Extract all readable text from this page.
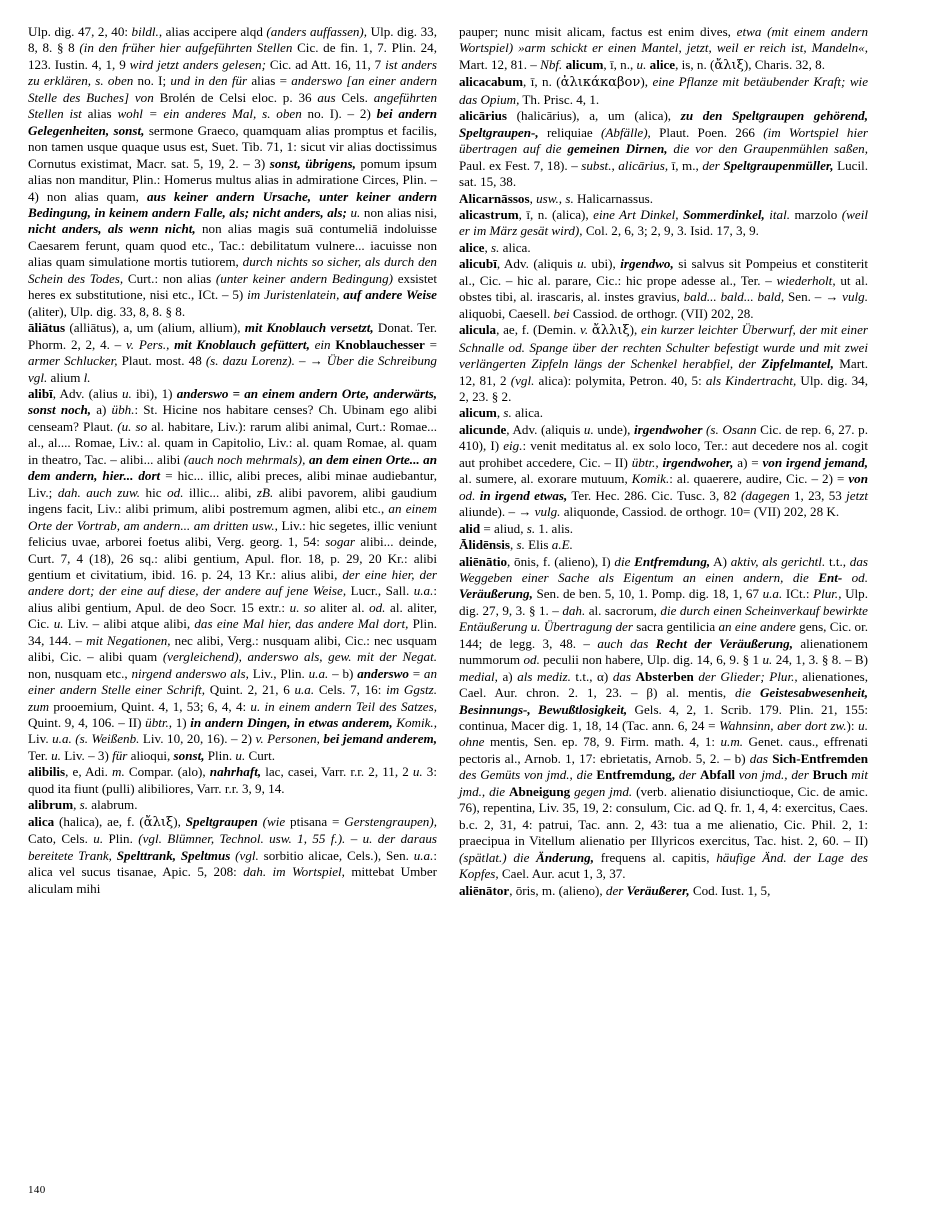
Ulp. dig. 47, 2, 40: bildl., alias accipere alqd (anders auffassen), Ulp. dig. 33, 8, 8. § 8 (in den früher hier aufgeführten Stellen Cic. de fin. 1, 7. Plin. 24, 123. Iustin. 4, 1, 9 wird jetzt anders gelesen; Cic. ad Att. 16, 11, 7 ist anders zu erklären, s. oben no. I; und in den für alias = anderswo [an einer andern Stelle des Buches] von Brolén de Celsi eloc. p. 36 aus Cels. angeführten Stellen ist alias wohl = ein anderes Mal, s. oben no. I). – 2) bei andern Gelegenheiten, sonst, sermone Graeco, quamquam alias promptus et facilis, non tamen usque quaque usus est, Suet. Tib. 71, 1: sicut vir alias doctissimus Cornutus existimat, Macr. sat. 5, 19, 2. – 3) sonst, übrigens, pomum ipsum alias non manditur, Plin.: Homerus multus alias in admiratione Circes, Plin. – 4) non alias quam, aus keiner andern Ursache, unter keiner andern Bedingung, in keinem andern Falle, als; nicht anders, als; u. non alias nisi, nicht anders, als wenn nicht, non alias magis suā contumeliā indoluisse Caesarem ferunt, quam quod etc., Tac.: debilitatum vulnere... iacuisse non alias quam simulatione mortis tutiorem, durch nichts so sicher, als durch den Schein des Todes, Curt.: non alias (unter keiner andern Bedingung) exsistet heres ex substitutione, nisi etc., ICt. – 5) im Juristenlatein, auf andere Weise (aliter), Ulp. dig. 33, 8, 8. § 8.

āliātus (alliātus), a, um (alium, allium), mit Knoblauch versetzt, Donat. Ter. Phorm. 2, 2, 4. – v. Pers., mit Knoblauch gefüttert, ein Knoblauchesser = armer Schlucker, Plaut. most. 48 (s. dazu Lorenz). – → Über die Schreibung vgl. alium l.

alibī, Adv. (alius u. ibi), 1) anderswo = an einem andern Orte, anderwärts, sonst noch, a) übh.: St. Hicine nos habitare censes? Ch. Ubinam ego alibi censeam? Plaut. (u. so al. habitare, Liv.): rarum alibi animal, Curt.: Romae... al., al.... Romae, Liv.: al. quam in Capitolio, Liv.: al. quam Romae, al. quam in theatro, Tac. – alibi... alibi (auch noch mehrmals), an dem einen Orte... an dem andern, hier... dort = hic... illic, alibi preces, alibi minae audiebantur, Liv.; dah. auch zuw. hic od. illic... alibi, zB. alibi pavorem, alibi gaudium ingens facit, Liv.: alibi primum, alibi postremum agmen, alibi etc., an einem Orte der Vortrab, am andern... am dritten usw., Liv.: hic segetes, illic veniunt felicius uvae, arborei foetus alibi, Verg. georg. 1, 54: sogar alibi... deinde, Curt. 7, 4 (18), 26 sq.: alibi gentium, Apul. flor. 18, p. 29, 20 Kr.: alibi gentium et civitatium, ibid. 16. p. 24, 13 Kr.: alius alibi, der eine hier, der andere dort; der eine auf diese, der andere auf jene Weise, Lucr., Sall. u.a.: alius alibi gentium, Apul. de deo Socr. 15 extr.: u. so aliter al. od. al. aliter, Cic. u. Liv. – alibi atque alibi, das eine Mal hier, das andere Mal dort, Plin. 34, 144. – mit Negationen, nec alibi, Verg.: nusquam alibi, Cic.: nec usquam alibi, Cic. – alibi quam (vergleichend), anderswo als, gew. mit der Negat. non, nusquam etc., nirgend anderswo als, Liv., Plin. u.a. – b) anderswo = an einer andern Stelle einer Schrift, Quint. 2, 21, 6 u.a. Cels. 7, 16: im Ggstz. zum prooemium, Quint. 4, 1, 53; 6, 4, 4: u. in einem andern Teil des Satzes, Quint. 9, 4, 106. – II) übtr., 1) in andern Dingen, in etwas anderem, Komik., Liv. u.a. (s. Weißenb. Liv. 10, 20, 16). – 2) v. Personen, bei jemand anderem, Ter. u. Liv. – 3) für alioqui, sonst, Plin. u. Curt.

alibilis, e, Adi. m. Compar. (alo), nahrhaft, lac, casei, Varr. r.r. 2, 11, 2 u. 3: quod ita fiunt (pulli) alibiliores, Varr. r.r. 3, 9, 14.

alibrum, s. alabrum.

alica (halica), ae, f. (ἄλιξ), Speltgraupen (wie ptisana = Gerstengraupen), Cato, Cels. u. Plin. (vgl. Blümner, Technol. usw. 1, 55 f.). – u. der daraus bereitete Trank, Spelttrank, Speltmus (vgl. sorbitio alicae, Cels.), Sen. u.a.: alica vel sucus tisanae, Apic. 5, 208: dah. im Wortspiel, mittebat Umber aliculam mihi

pauper; nunc misit alicam, factus est enim dives, etwa (mit einem andern Wortspiel) »arm schickt er einen Mantel, jetzt, weil er reich ist, Mandeln«, Mart. 12, 81. – Nbf. alicum, ī, n., u. alice, is, n. (ἄλιξ), Charis. 32, 8.

alicacabum, ī, n. (ἀλικάκαβον), eine Pflanze mit betäubender Kraft; wie das Opium, Th. Prisc. 4, 1.

alicārius (halicārius), a, um (alica), zu den Speltgraupen gehörend, Speltgraupen-, reliquiae (Abfälle), Plaut. Poen. 266 (im Wortspiel hier übertragen auf die gemeinen Dirnen, die vor den Graupenmühlen saßen, Paul. ex Fest. 7, 18). – subst., alicārius, ī, m., der Speltgraupenmüller, Lucil. sat. 15, 38.

Alicarnāssos, usw., s. Halicarnassus.

alicastrum, ī, n. (alica), eine Art Dinkel, Sommerdinkel, ital. marzolo (weil er im März gesät wird), Col. 2, 6, 3; 2, 9, 3. Isid. 17, 3, 9.

alice, s. alica.

alicubī, Adv. (aliquis u. ubi), irgendwo, si salvus sit Pompeius et constiterit al., Cic. – hic al. parare, Cic.: hic prope adesse al., Ter. – wiederholt, ut al. obstes tibi, al. irascaris, al. instes gravius, bald... bald... bald, Sen. – → vulg. aliquobi, Caesell. bei Cassiod. de orthogr. (VII) 202, 28.

alicula, ae, f. (Demin. v. ἄλλιξ), ein kurzer leichter Überwurf, der mit einer Schnalle od. Spange über der rechten Schulter befestigt wurde und mit zwei verlängerten Zipfeln längs der Schenkel herabfiel, der Zipfelmantel, Mart. 12, 81, 2 (vgl. alica): polymita, Petron. 40, 5: als Kindertracht, Ulp. dig. 34, 2, 23. § 2.

alicum, s. alica.

alicunde, Adv. (aliquis u. unde), irgendwoher (s. Osann Cic. de rep. 6, 27. p. 410), I) eig.: venit meditatus al. ex solo loco, Ter.: aut decedere nos al. cogit aut prohibet accedere, Cic. – II) übtr., irgendwoher, a) = von irgend jemand, al. sumere, al. exorare mutuum, Komik.: al. quaerere, audire, Cic. – 2) = von od. in irgend etwas, Ter. Hec. 286. Cic. Tusc. 3, 82 (dagegen 1, 23, 53 jetzt aliunde). – → vulg. aliquonde, Cassiod. de orthogr. 10= (VII) 202, 28 K.

alid = aliud, s. 1. alis.

Ālidēnsis, s. Elis a.E.

aliēnātio, ōnis, f. (alieno), I) die Entfremdung, A) aktiv, als gerichtl. t.t., das Weggeben einer Sache als Eigentum an einen andern, die Ent- od. Veräußerung, Sen. de ben. 5, 10, 1. Pomp. dig. 18, 1, 67 u.a. ICt.: Plur., Ulp. dig. 27, 9, 3. § 1. – dah. al. sacrorum, die durch einen Scheinverkauf bewirkte Entäußerung u. Übertragung der sacra gentilicia an eine andere gens, Cic. or. 144; de legg. 3, 48. – auch das Recht der Veräußerung, alienationem nummorum od. peculii non habere, Ulp. dig. 14, 6, 9. § 1 u. 24, 1, 3. § 8. – B) medial, a) als mediz. t.t., α) das Absterben der Glieder; Plur., alienationes, Cael. Aur. chron. 2. 1, 23. – β) al. mentis, die Geistesabwesenheit, Besinnungs-, Bewußtlosigkeit, Gels. 4, 2, 1. Scrib. 179. Plin. 21, 155: continua, Macer dig. 1, 18, 14 (Tac. ann. 6, 24 = Wahnsinn, aber dort zw.): u. ohne mentis, Sen. ep. 78, 9. Firm. math. 4, 1: u.m. Genet. caus., effrenati pectoris al., Arnob. 1, 17: ebrietatis, Arnob. 5, 2. – b) das Sich-Entfremden des Gemüts von jmd., die Entfremdung, der Abfall von jmd., der Bruch mit jmd., die Abneigung gegen jmd. (verb. alienatio disiunctioque, Cic. de amic. 76), repentina, Liv. 35, 19, 2: consulum, Cic. ad Q. fr. 1, 4, 4: exercitus, Caes. b.c. 2, 31, 4: patrui, Tac. ann. 2, 43: tua a me alienatio, Cic. Phil. 2, 1: praecipua in Vitellum alienatio per Illyricos exercitus, Tac. hist. 2, 60. – II) (spätlat.) die Änderung, frequens al. capitis, häufige Änd. der Lage des Kopfes, Cael. Aur. acut 1, 3, 37.

aliēnātor, ōris, m. (alieno), der Veräußerer, Cod. Iust. 1, 5,

140
